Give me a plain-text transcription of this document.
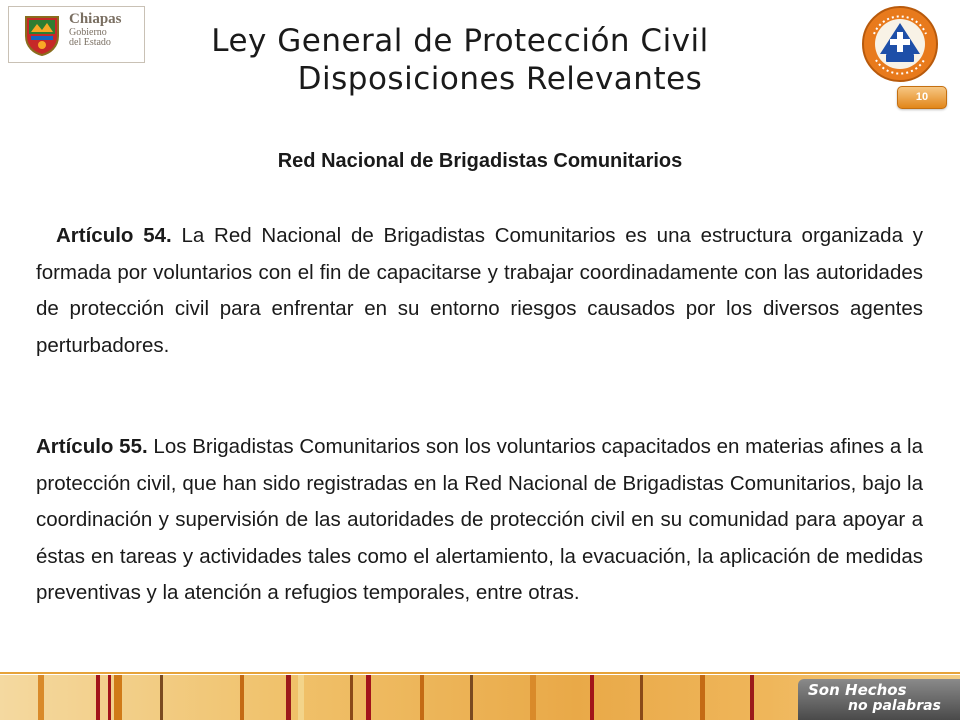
Chiapas
Gobierno
del Estado	Ley General de Protección Civil
Disposiciones Relevantes	10
Red Nacional de Brigadistas Comunitarios

Artículo 54. La Red Nacional de Brigadistas Comunitarios es una estructura organizada y formada por voluntarios con el fin de capacitarse y trabajar coordinadamente con las autoridades de protección civil para enfrentar en su entorno riesgos causados por los diversos agentes perturbadores.

Artículo 55. Los Brigadistas Comunitarios son los voluntarios capacitados en materias afines a la protección civil, que han sido registradas en la Red Nacional de Brigadistas Comunitarios, bajo la coordinación y supervisión de las autoridades de protección civil en su comunidad para apoyar a éstas en tareas y actividades tales como el alertamiento, la evacuación, la aplicación de medidas preventivas y la atención a refugios temporales, entre otras.

Son Hechos
no palabras
